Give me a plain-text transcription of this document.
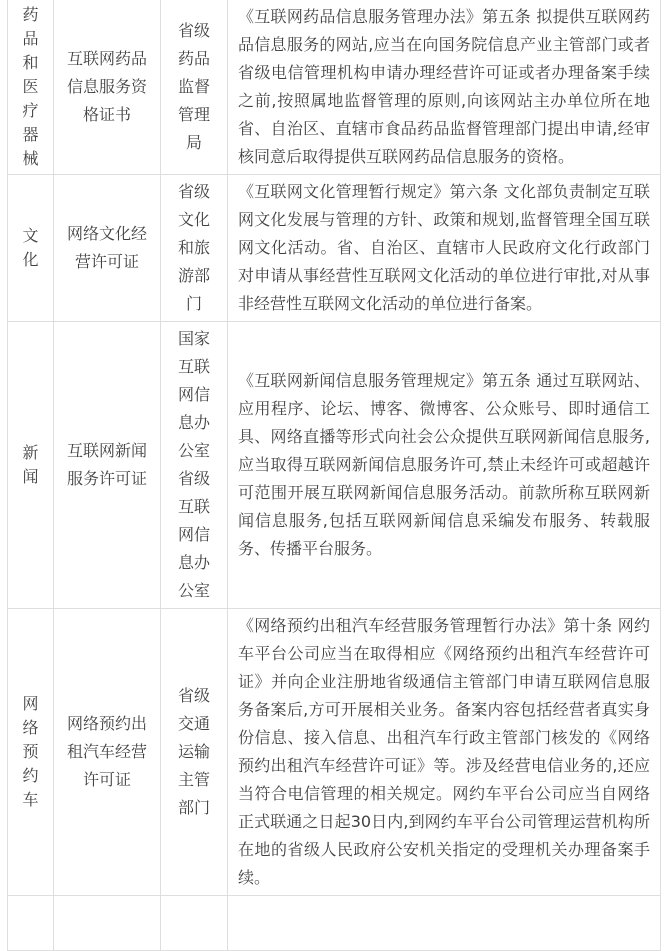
药品和医疗器械	互联网药品信息服务资格证书	省级药品监督管理局	《互联网药品信息服务管理办法》第五条 拟提供互联网药品信息服务的网站,应当在向国务院信息产业主管部门或者省级电信管理机构申请办理经营许可证或者办理备案手续之前,按照属地监督管理的原则,向该网站主办单位所在地省、自治区、直辖市食品药品监督管理部门提出申请,经审核同意后取得提供互联网药品信息服务的资格。
文化	网络文化经营许可证	省级文化和旅游部门	《互联网文化管理暂行规定》第六条 文化部负责制定互联网文化发展与管理的方针、政策和规划,监督管理全国互联网文化活动。省、自治区、直辖市人民政府文化行政部门对申请从事经营性互联网文化活动的单位进行审批,对从事非经营性互联网文化活动的单位进行备案。
新闻	互联网新闻服务许可证	国家互联网信息办公室省级互联网信息办公室	《互联网新闻信息服务管理规定》第五条 通过互联网站、应用程序、论坛、博客、微博客、公众账号、即时通信工具、网络直播等形式向社会公众提供互联网新闻信息服务,应当取得互联网新闻信息服务许可,禁止未经许可或超越许可范围开展互联网新闻信息服务活动。前款所称互联网新闻信息服务,包括互联网新闻信息采编发布服务、转载服务、传播平台服务。
网络预约车	网络预约出租汽车经营许可证	省级交通运输主管部门	《网络预约出租汽车经营服务管理暂行办法》第十条 网约车平台公司应当在取得相应《网络预约出租汽车经营许可证》并向企业注册地省级通信主管部门申请互联网信息服务备案后,方可开展相关业务。备案内容包括经营者真实身份信息、接入信息、出租汽车行政主管部门核发的《网络预约出租汽车经营许可证》等。涉及经营电信业务的,还应当符合电信管理的相关规定。网约车平台公司应当自网络正式联通之日起30日内,到网约车平台公司管理运营机构所在地的省级人民政府公安机关指定的受理机关办理备案手续。
